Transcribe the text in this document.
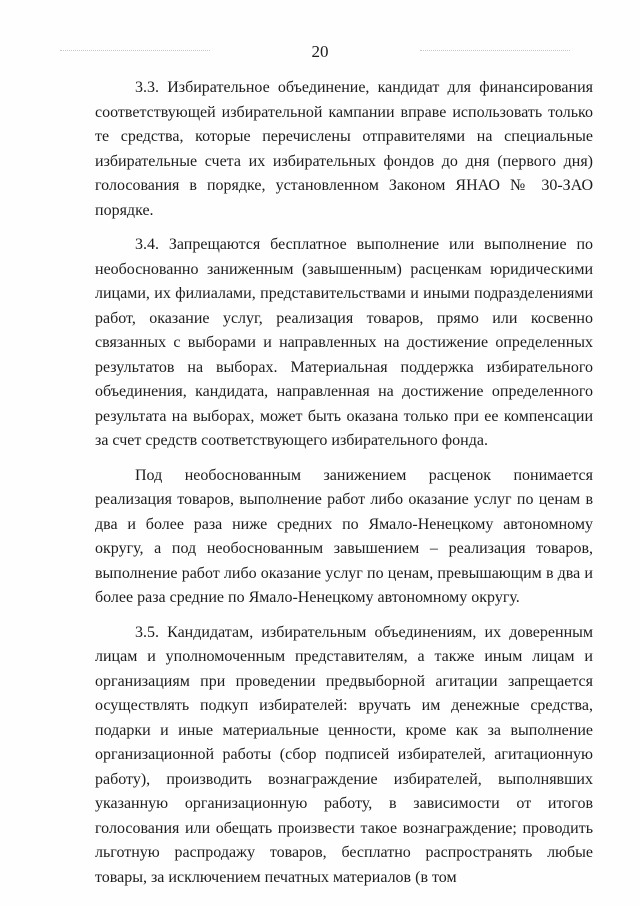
20

3.3. Избирательное объединение, кандидат для финансирования соответствующей избирательной кампании вправе использовать только те средства, которые перечислены отправителями на специальные избирательные счета их избирательных фондов до дня (первого дня) голосования в порядке, установленном Законом ЯНАО № 30-ЗАО порядке.

3.4. Запрещаются бесплатное выполнение или выполнение по необоснованно заниженным (завышенным) расценкам юридическими лицами, их филиалами, представительствами и иными подразделениями работ, оказание услуг, реализация товаров, прямо или косвенно связанных с выборами и направленных на достижение определенных результатов на выборах. Материальная поддержка избирательного объединения, кандидата, направленная на достижение определенного результата на выборах, может быть оказана только при ее компенсации за счет средств соответствующего избирательного фонда.

Под необоснованным занижением расценок понимается реализация товаров, выполнение работ либо оказание услуг по ценам в два и более раза ниже средних по Ямало-Ненецкому автономному округу, а под необоснованным завышением – реализация товаров, выполнение работ либо оказание услуг по ценам, превышающим в два и более раза средние по Ямало-Ненецкому автономному округу.

3.5. Кандидатам, избирательным объединениям, их доверенным лицам и уполномоченным представителям, а также иным лицам и организациям при проведении предвыборной агитации запрещается осуществлять подкуп избирателей: вручать им денежные средства, подарки и иные материальные ценности, кроме как за выполнение организационной работы (сбор подписей избирателей, агитационную работу), производить вознаграждение избирателей, выполнявших указанную организационную работу, в зависимости от итогов голосования или обещать произвести такое вознаграждение; проводить льготную распродажу товаров, бесплатно распространять любые товары, за исключением печатных материалов (в том
